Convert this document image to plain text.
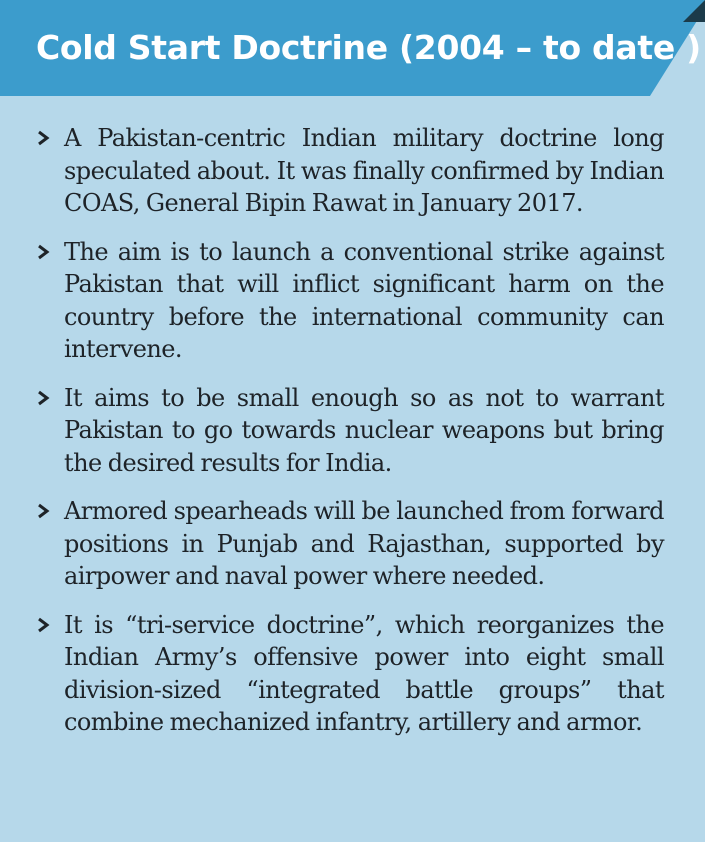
Cold Start Doctrine (2004 – to date )
A Pakistan-centric Indian military doctrine long speculated about. It was finally confirmed by Indian COAS, General Bipin Rawat in January 2017.
The aim is to launch a conventional strike against Pakistan that will inflict significant harm on the country before the international community can intervene.
It aims to be small enough so as not to warrant Pakistan to go towards nuclear weapons but bring the desired results for India.
Armored spearheads will be launched from forward positions in Punjab and Rajasthan, supported by airpower and naval power where needed.
It is “tri-service doctrine”, which reorganizes the Indian Army’s offensive power into eight small division-sized “integrated battle groups” that combine mechanized infantry, artillery and armor.
